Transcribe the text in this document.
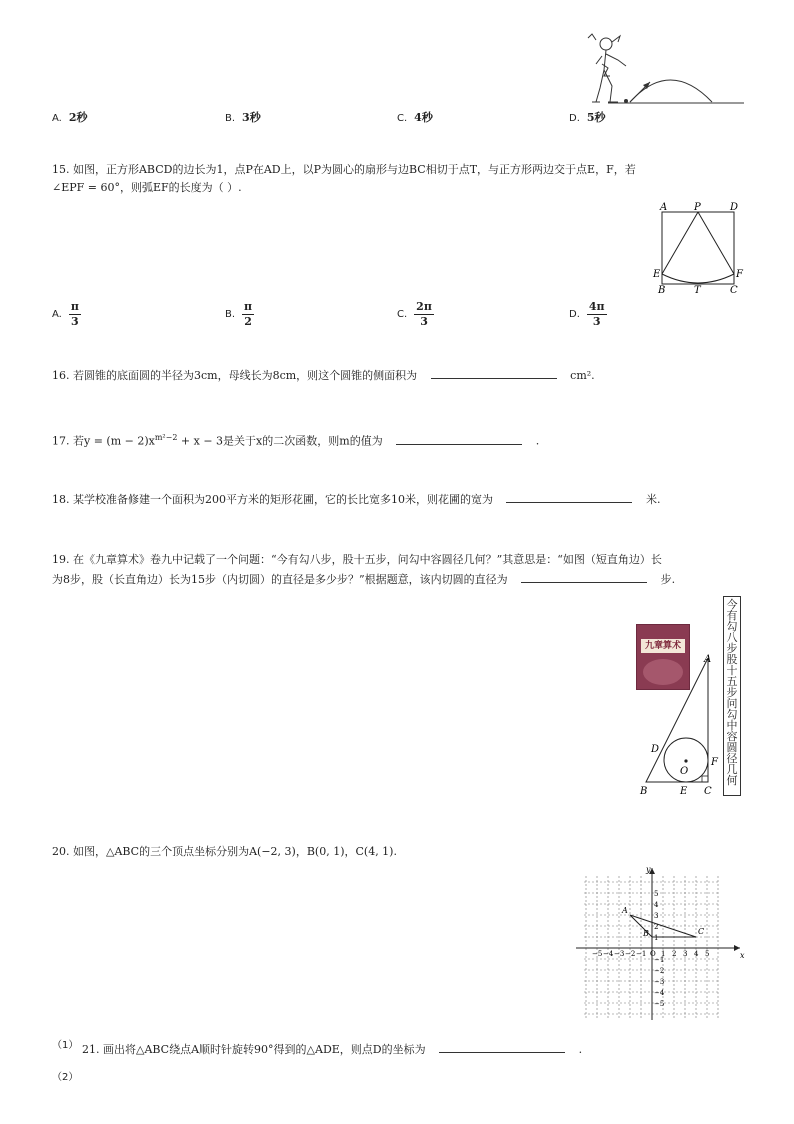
A. 2秒	B. 3秒	C. 4秒	D. 5秒
15. 如图，正方形ABCD的边长为1，点P在AD上，以P为圆心的扇形与边BC相切于点T，与正方形两边交于点E，F，若
∠EPF = 60°，则弧EF的长度为（ ）.
A	P	D
E	F
B	T	C
A. $\frac{\pi}{3}$	B. $\frac{\pi}{2}$	C. $\frac{2\pi}{3}$	D. $\frac{4\pi}{3}$
16. 若圆锥的底面圆的半径为3cm，母线长为8cm，则这个圆锥的侧面积为	cm².
17. 若$y = (m - 2)x^{m^2-2} + x - 3$是关于x的二次函数，则m的值为	.
18. 某学校准备修建一个面积为200平方米的矩形花圃，它的长比宽多10米，则花圃的宽为	米.
19. 在《九章算术》卷九中记载了一个问题：“今有勾八步，股十五步，问勾中容圆径几何？”其意思是：“如图（短直角边）长
为8步，股（长直角边）长为15步（内切圆）的直径是多少步？”根据题意，该内切圆的直径为	步.
九章算术
今有勾八步股十五步问勾中容圆径几何
A
D
O
F
B	E C
20. 如图，△ABC的三个顶点坐标分别为A(−2, 3)，B(0, 1)，C(4, 1).
x
y
−5 −4 −3 −2 −1 O 1 2 3 4 5
5
4
3
2
1
−1
−2
−3
−4
−5
A
B	C
（1） 21. 画出将△ABC绕点A顺时针旋转90°得到的△ADE，则点D的坐标为	.
（2）
